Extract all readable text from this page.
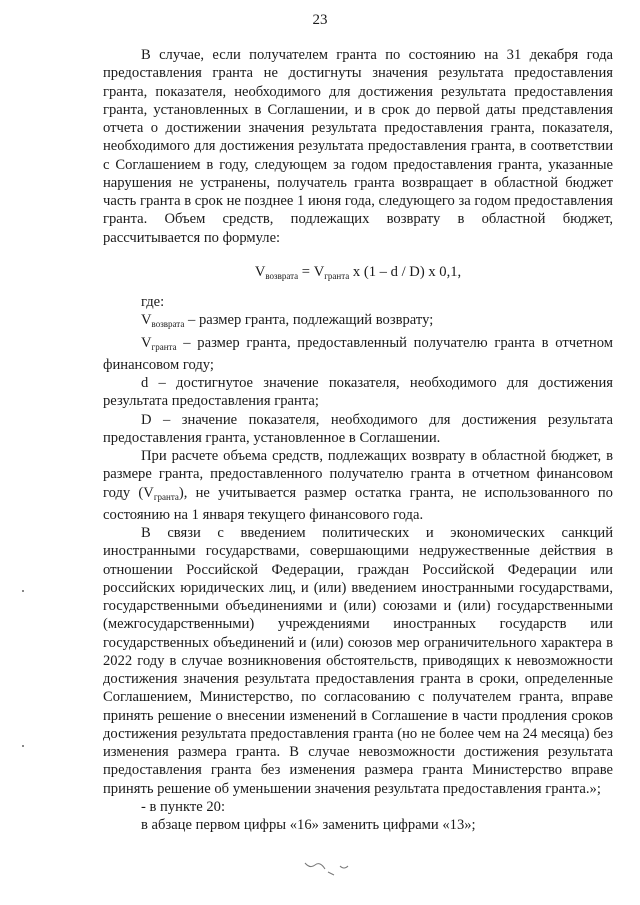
23

В случае, если получателем гранта по состоянию на 31 декабря года предоставления гранта не достигнуты значения результата предоставления гранта, показателя, необходимого для достижения результата предоставления гранта, установленных в Соглашении, и в срок до первой даты представления отчета о достижении значения результата предоставления гранта, показателя, необходимого для достижения результата предоставления гранта, в соответствии с Соглашением в году, следующем за годом предоставления гранта, указанные нарушения не устранены, получатель гранта возвращает в областной бюджет часть гранта в срок не позднее 1 июня года, следующего за годом предоставления гранта. Объем средств, подлежащих возврату в областной бюджет, рассчитывается по формуле:

$V_{возврата} = V_{гранта}$ x (1 – d / D) x 0,1,

где:

$V_{возврата}$ – размер гранта, подлежащий возврату;

$V_{гранта}$ – размер гранта, предоставленный получателю гранта в отчетном финансовом году;

d – достигнутое значение показателя, необходимого для достижения результата предоставления гранта;

D – значение показателя, необходимого для достижения результата предоставления гранта, установленное в Соглашении.

При расчете объема средств, подлежащих возврату в областной бюджет, в размере гранта, предоставленного получателю гранта в отчетном финансовом году $(V_{гранта})$, не учитывается размер остатка гранта, не использованного по состоянию на 1 января текущего финансового года.

В связи с введением политических и экономических санкций иностранными государствами, совершающими недружественные действия в отношении Российской Федерации, граждан Российской Федерации или российских юридических лиц, и (или) введением иностранными государствами, государственными объединениями и (или) союзами и (или) государственными (межгосударственными) учреждениями иностранных государств или государственных объединений и (или) союзов мер ограничительного характера в 2022 году в случае возникновения обстоятельств, приводящих к невозможности достижения значения результата предоставления гранта в сроки, определенные Соглашением, Министерство, по согласованию с получателем гранта, вправе принять решение о внесении изменений в Соглашение в части продления сроков достижения результата предоставления гранта (но не более чем на 24 месяца) без изменения размера гранта. В случае невозможности достижения результата предоставления гранта без изменения размера гранта Министерство вправе принять решение об уменьшении значения результата предоставления гранта.»;

- в пункте 20:

в абзаце первом цифры «16» заменить цифрами «13»;
